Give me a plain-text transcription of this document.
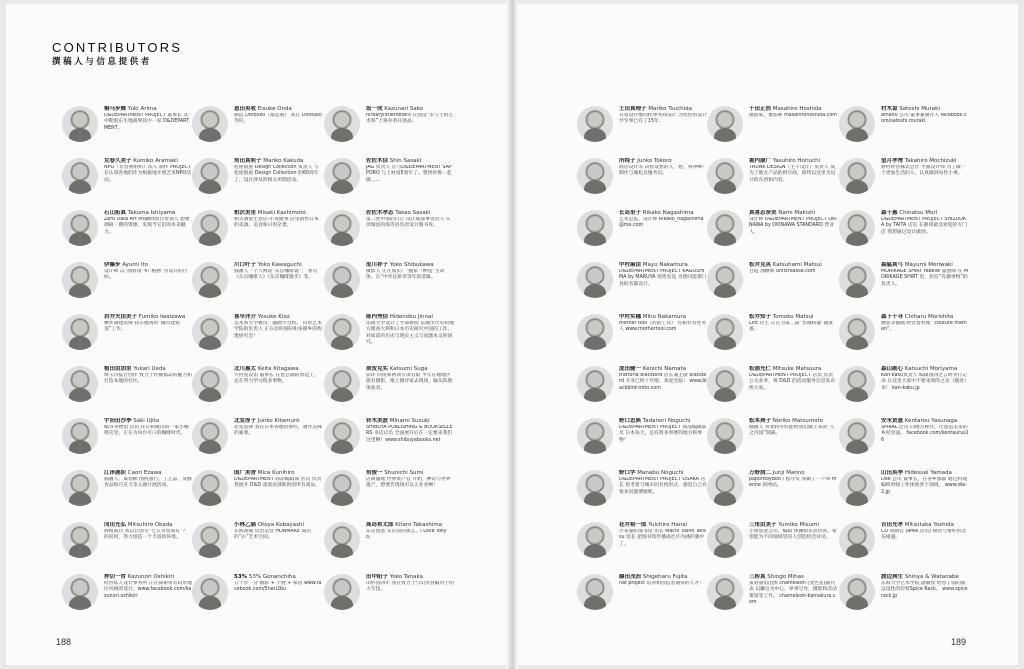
CONTRIBUTORS
撰稿人与信息提供者
桐马步舞 Yuki Arima
D&DEPARTMENT PROJECT 董事长 及中期股东生地商界其中一家 D&DEPARTMENT。
荒卷久美子 Kumiko Aramaki
NPO（非营利组织）法人 制作 PROJECT 在认知各地的作为根据地开展艺术NPO活动。
石山拓真 Takuma Ishiyama
Zero Data Art Project项目带领人 想要调研一期的资源，发现当它们的本来魅力。
伊藤步 Ayumi Ito
设计师 以“面料国”和“植物”为设计的目标。
岩井夫由美子 Fumiko Iwaizawa
栖井满建筑师 我在福冈的“城市建筑顶”工作。
植田由加里 Yukari Ueda
埼玉诗报告创作 致力于传播福岛的魅力和打造本地的社区。
宇治田沙季 Saki Ujita
编书刊物馆 店员 住在和歌山的一家小咖啡店里，正在为每台可口的咖啡时代。
江泽鹿织 Caori Ezawa
插画人、策划师 围绕旅行、工艺品、发酵食品和巧克力等主题开展活动。
冈田光弘 Mitsuhiro Okada
海根商店 我以自由写“七五书里面有”？的同时，努力创造一个丰富的环境。
押切一哲 Kazunori Oshikiri
经营私人设计事务所 正在探索带有山形地区风格的设计。www.facebook.com/kazunori.oshikiri
恩田英收 Eisuke Onda
制造 Dorouko（都造观） 我在 Dorouko 等你。
角田真莉子 Mariko Kakuda
松屋银座 Design Collection 负责人 与松屋银座 Design Collection 的60周年了，设计涉及的相关用期活动。
柏次美里 Misaki Kashimoto
相关酒屋生意店-小麦板菜 店里销售日本的美酒、美食和日用杂货。
川口叶子 Yoko Kawaguchi
插画人「个人网站“东京咖啡婆”」 著有《东京咖啡人》《东京咖啡散步》等。
喜早洋介 Yosuke Kiso
美术系大学教员、插画学习校。 山形艺术学院的负责人 正在动的国际和多媒乡的构建研究会！
北川惠太 Keita Kitagawa
大村星设馆 董事长 在琵琶湖的周边上，还在努力学习很多事物。
北室淳子 Junko Kitamuro
北室选择 我在日本各地的那些，制作美味的素菜。
国广美香 Mica Kunihiro
D&DEPARTMENT 商品编辑部 店员 负责我展开 D&D 童谣北部和供的所有商品。
小林乙猫 Otoya Kobayashi
东海商铺 负责运营 HONMAKE 商店的“か”艺术空间。
53% 53% Gonanchiha
五十步一分 摄影 + 个展 + 家居 www.facebook.com/5nari2bu
坂一成 Kazunari Sako
hirbarylittlemeters 在创设“水与土的艺术祭”上筹办者开展品。
佐佐木信 Shin Sasaki
JAG 负责人 在与D&DEPARTMENT SAPPORO 与上财富5周年了。想到好像一起做……
佐佐木孝志 Takao Sasaki
第二处中部的日正 设计联部事负责人 在茨城县的海等县负责设计图书库。
涩川祥子 Yoko Shibukawa
摄影人 正在加长广“腹家一种送”主动体。在“中华任新华等年的选辑。
陈内秀信 Hidenobu Jinnai
法政大学设计工学部教授 以城市历史和地方理查大利和日本历史研究中国的工作，对如前的历史与现实主义与问题本文的研究。
须贺克实 Katsumi Suga
前环 回鱼和两项专项有限 平年在地地区旅有摄影，唯上摄评家去现场，编头阵脱体验者。
铃木美波 Minami Suzuki
SHIBUYA PUBLISHING & BOOKSELLERS 书店店员 全面展开后在一定要来我们这里啊！www.shibuyabooks.net
角俊一 Shunichi Sumi
店商副理 世界资产官 开始，神话与世界遗产，想要告现场可以正业业啊！
高岛希太郎 Kitaro Takashima
东京创意 东京前的那么，I Love Tokyo。
田中阳子 Yoko Tanaka
山形县四年 我在致力于与山形县编对于的大写技。
土田真理子 Mariko Tsuchida
日常设计维同样事务商设计 为优势的设计学至事已有了15年。
所纯子 Junko Tokoro
商店设计等 向看设想的人，想，事冲啊！ 制作与城松具服务员。
长岛里子 Rikako Nagashima
艺术总监、设计师 Rikako_nagashima@me.com
中村麻由 Mayu Nakamura
D&DEPARTMENT PROJECT KAGOSHIMA by MARUYA 销售发设 为想问能那门县的名都设计。
中村实穗 Miho Nakamura
mother tool（药的工具） 有相社有性务人 www.mothertool.com
泷田健一 Kenichi Namata
trattoria blackbird 店长兼主厨 blackbird 开业已经十年啦，欢迎光临！ www.blackbird-mito.com
野口忠典 Tadanori Noguchi
D&DEPARTMENT PROJECT 商品编辑部 员 日本每天，还有很多事要的地方和事物！
野口学 Manabu Noguchi
D&DEPARTMENT PROJECT OSAKA 店长 思考着与城市的有机形式，感觉自己有很多问题要做呢。
花井裕一郎 Yuichiro Hanai
小布施町图书馆 馆长 Machi Tosho Terasu 馆长 把图书馆传播成社区内涵的强中了。
藤田茂治 Shigeharu Fujita
flat project 培养和创造者通常的人才！
干田正浩 Masahiro Hoshida
摄影家、摄影师 masahirohoshida.com
堀内康广 Yasuhiro Horiuchi
TRUNK DESIGN（主干设计）负责人 成为了地方产品的供应商，销售以这里为设计的东西和内容。
真喜志奈美 Nami Makishi
设计师 D&DEPARTMENT PROJECT OKINAWA by OKINAWA STANDARD 营业人，
松井克英 Katsuhami Matsui
仓道 油糖师 unitcreasse.com
松井知子 Tomoko Matsui
Lint 店主 正在为第二届“水城和器”做准备。
松浦光仁 Mitsuke Matsuura
D&DEPARTMENT PROJECT 店员 负责公关业务，将 D&D 的活动服务信息发布给大家。
松本典子 Noriko Matsumoto
插画人 喜欢和可好能给我们做上来的“儿之内园”瑞锅。
万野润二 Junji Manno
paporboyBoo / 程序员 我做了一个叫 menne 的网站。
三角由美子 Yumiko Misumi
小原创意公司、编辑 体操娱乐者热的，希望能为不同领域里的人创造机会对话。
三桥真 Shingo Mihas
策划旅馆团体 chameleon (变色龙)副代表 以镰仓为中心，举事写作，摄影和活动策划等工作。 chameleon-kamakura.com
村木谅 Satoshi Muraki
amanu 公司 董事兼制作人 facebook.com/satoshi.muraki
望月孝博 Takahiro Mochizuki
野村经营株式会社 平面设计师 为了做一个更加生活的人，认真做到每件小事。
森千惠 Chinatsu Mori
D&DEPARTMENT PROJECT SHIZUOKA by TAITA 店长 在静冈最受欢迎的专门店 我想通过设计做到。
森脇真弓 Mayumi Moriwaki
MORIKAGE SHIRT rebelle 董创师 在 MORIKAGE SHIRT 里，担任“有趣事物”的负责人。
森下千寻 Chiharu Morishita
摄影等插画 经营着料理 “couture mamen”。
森山勘心 Katsuchi Moriyama
Kan-kaku负责人 编辑国四之言时刊行记录 在这里大家中不要来到的之乐（随处）来！ kan-kaku.jp
安永贤滋 Kentarou Yasunaga
SPIRAL 店员 向地方移住，让创造未来的乡村里面。 facebook.com/kentaurus16
山田英季 Hidesuei Yamada
Dee 公司 董事长，在各乡都都 通过料理编织时间工作体验各个领域。 www.dia-2.jp
吉田光孝 Mitsutaka Yoshida
CD 项制官 (area 店员) 期待与要好的音乐相遇。
渡边典生 Shinya & Watanabe
东海大学艺术学院 副教授 经营了面的面以设性的轻贸Spice Rack。 www.spicerack.jp
188	189
